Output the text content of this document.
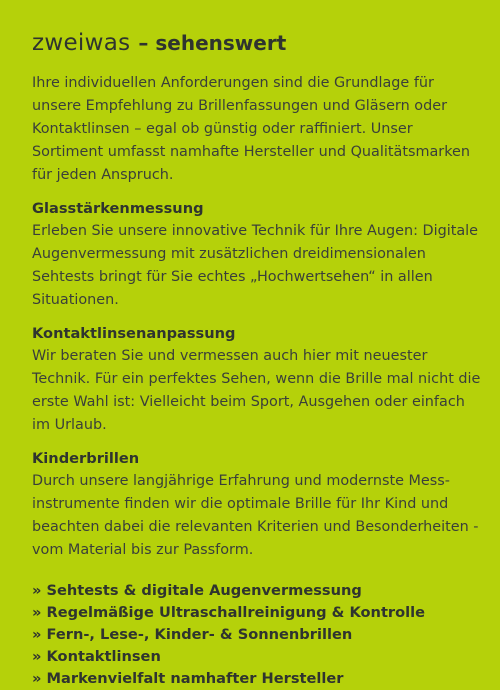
zweiwas – sehenswert

Ihre individuellen Anforderungen sind die Grundlage für unsere Empfehlung zu Brillenfassungen und Gläsern oder Kontaktlinsen – egal ob günstig oder raffiniert. Unser Sortiment umfasst namhafte Hersteller und Qualitätsmarken für jeden Anspruch.

Glasstärkenmessung

Erleben Sie unsere innovative Technik für Ihre Augen: Digitale Augenvermessung mit zusätzlichen dreidimensionalen Sehtests bringt für Sie echtes „Hochwertsehen“ in allen Situationen.

Kontaktlinsenanpassung

Wir beraten Sie und vermessen auch hier mit neuester Technik. Für ein perfektes Sehen, wenn die Brille mal nicht die erste Wahl ist: Vielleicht beim Sport, Ausgehen oder einfach im Urlaub.

Kinderbrillen

Durch unsere langjährige Erfahrung und modernste Mess-instrumente finden wir die optimale Brille für Ihr Kind und beachten dabei die relevanten Kriterien und Besonderheiten - vom Material bis zur Passform.

» Sehtests & digitale Augenvermessung
» Regelmäßige Ultraschallreinigung & Kontrolle
» Fern-, Lese-, Kinder- & Sonnenbrillen
» Kontaktlinsen
» Markenvielfalt namhafter Hersteller
